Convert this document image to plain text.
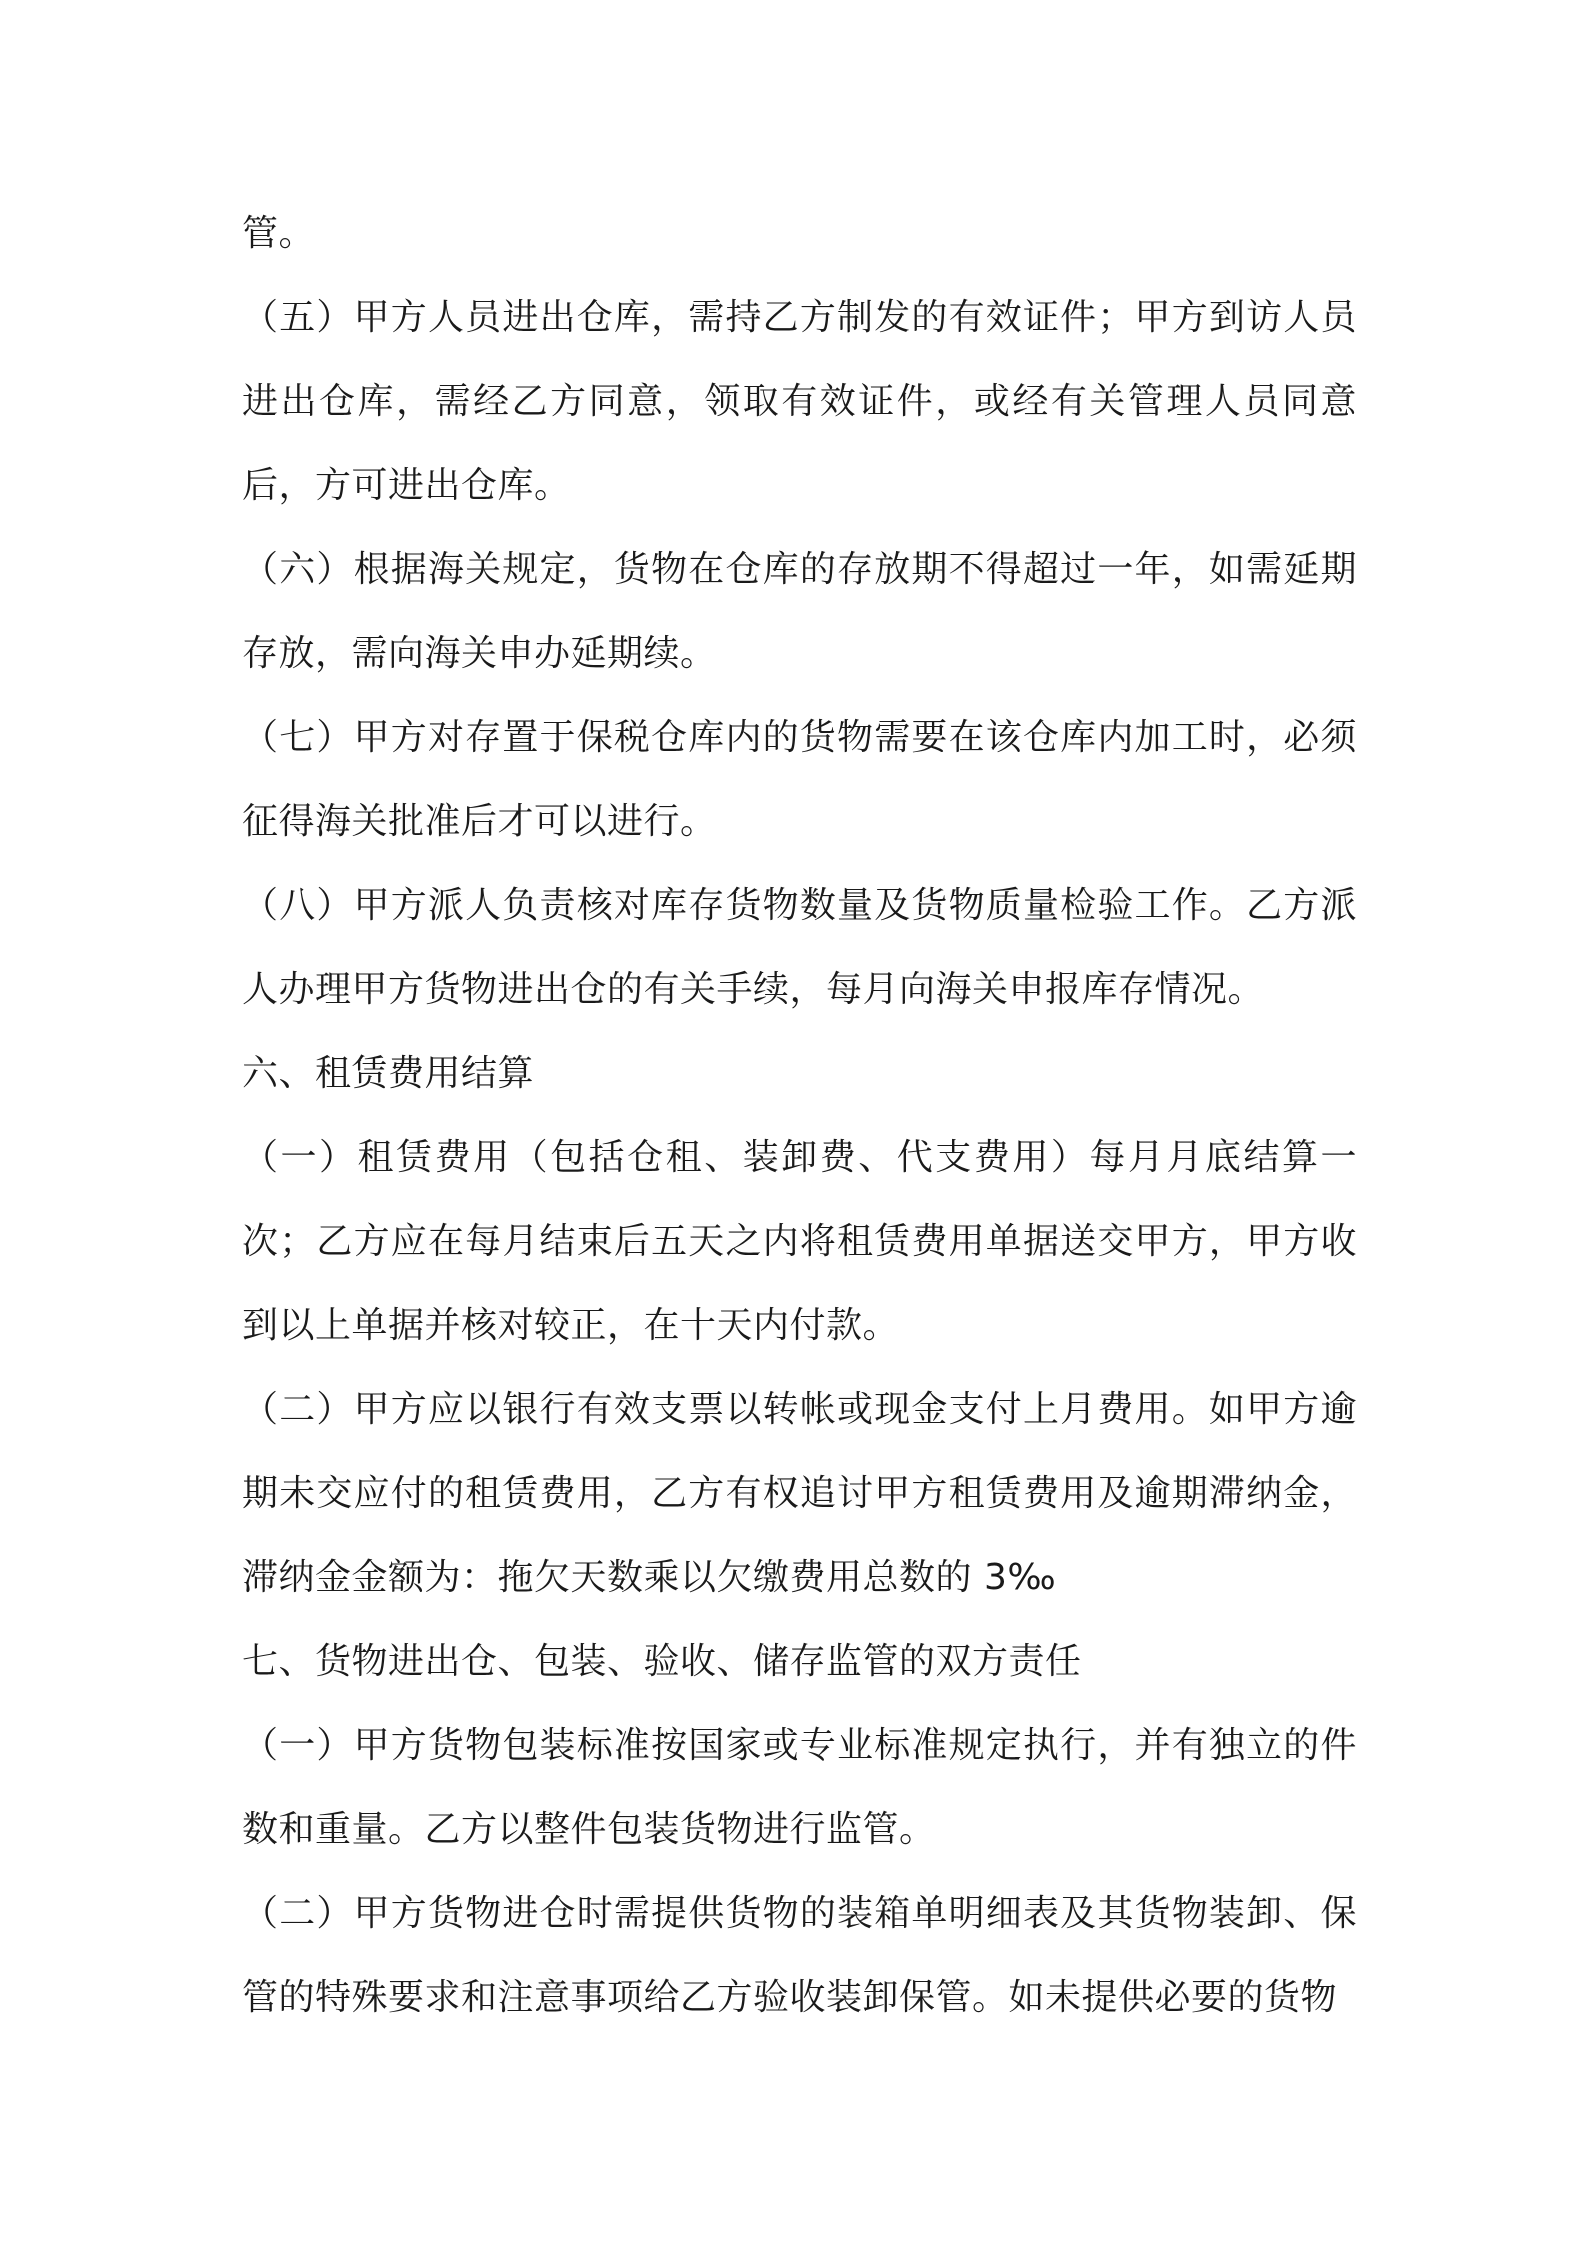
管。

（五）甲方人员进出仓库，需持乙方制发的有效证件；甲方到访人员进出仓库，需经乙方同意，领取有效证件，或经有关管理人员同意后，方可进出仓库。

（六）根据海关规定，货物在仓库的存放期不得超过一年，如需延期存放，需向海关申办延期续。

（七）甲方对存置于保税仓库内的货物需要在该仓库内加工时，必须征得海关批准后才可以进行。

（八）甲方派人负责核对库存货物数量及货物质量检验工作。乙方派人办理甲方货物进出仓的有关手续，每月向海关申报库存情况。

六、租赁费用结算

（一）租赁费用（包括仓租、装卸费、代支费用）每月月底结算一次；乙方应在每月结束后五天之内将租赁费用单据送交甲方，甲方收到以上单据并核对较正，在十天内付款。

（二）甲方应以银行有效支票以转帐或现金支付上月费用。如甲方逾期未交应付的租赁费用，乙方有权追讨甲方租赁费用及逾期滞纳金，滞纳金金额为：拖欠天数乘以欠缴费用总数的 3‰

七、货物进出仓、包装、验收、储存监管的双方责任

（一）甲方货物包装标准按国家或专业标准规定执行，并有独立的件数和重量。乙方以整件包装货物进行监管。

（二）甲方货物进仓时需提供货物的装箱单明细表及其货物装卸、保管的特殊要求和注意事项给乙方验收装卸保管。如未提供必要的货物
